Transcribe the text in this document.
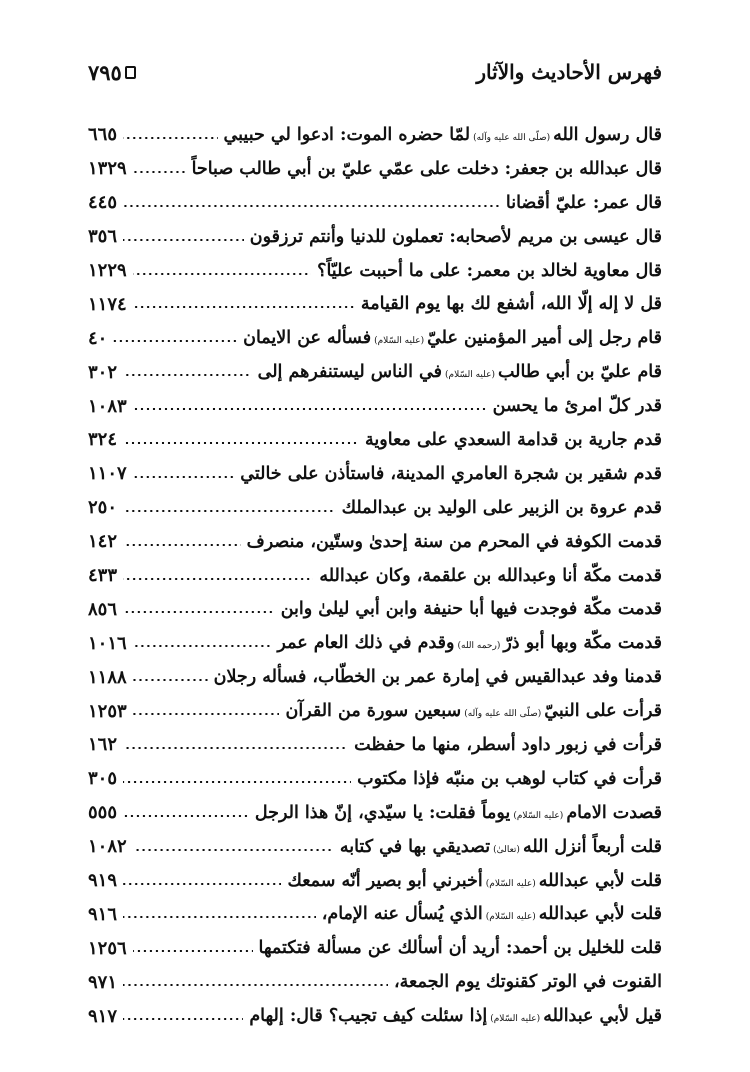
٧٩٥	فهرس الأحاديث والآثار
قال رسول الله(صلّى الله عليه وآله)لمّا حضره الموت: ادعوا لي حبيبي
٦٦٥
قال عبدالله بن جعفر: دخلت على عمّي عليّ بن أبي طالب صباحاً
١٣٢٩
قال عمر: عليّ أقضانا
٤٤٥
قال عيسى بن مريم لأصحابه: تعملون للدنيا وأنتم ترزقون
٣٥٦
قال معاوية لخالد بن معمر: على ما أحببت عليّاً؟
١٢٢٩
قل لا إله إلّا الله، أشفع لك بها يوم القيامة
١١٧٤
قام رجل إلى أمير المؤمنين عليّ(عليه السّلام)فسأله عن الايمان
٤٠
قام عليّ بن أبي طالب(عليه السّلام)في الناس ليستنفرهم إلى
٣٠٢
قدر كلّ امرئ ما يحسن
١٠٨٣
قدم جارية بن قدامة السعدي على معاوية
٣٢٤
قدم شقير بن شجرة العامري المدينة، فاستأذن على خالتي
١١٠٧
قدم عروة بن الزبير على الوليد بن عبدالملك
٢٥٠
قدمت الكوفة في المحرم من سنة إحدىٰ وستّين، منصرف
١٤٢
قدمت مكّة أنا وعبدالله بن علقمة، وكان عبدالله
٤٣٣
قدمت مكّة فوجدت فيها أبا حنيفة وابن أبي ليلىٰ وابن
٨٥٦
قدمت مكّة وبها أبو ذرّ(رحمه الله)وقدم في ذلك العام عمر
١٠١٦
قدمنا وفد عبدالقيس في إمارة عمر بن الخطّاب، فسأله رجلان
١١٨٨
قرأت على النبيّ(صلّى الله عليه وآله)سبعين سورة من القرآن
١٢٥٣
قرأت في زبور داود أسطر، منها ما حفظت
١٦٢
قرأت في كتاب لوهب بن منبّه فإذا مكتوب
٣٠٥
قصدت الامام(عليه السّلام)يوماً فقلت: يا سيّدي، إنّ هذا الرجل
٥٥٥
قلت أربعاً أنزل الله(تعالىٰ)تصديقي بها في كتابه
١٠٨٢
قلت لأبي عبدالله(عليه السّلام)أخبرني أبو بصير أنّه سمعك
٩١٩
قلت لأبي عبدالله(عليه السّلام)الذي يُسأل عنه الإمام،
٩١٦
قلت للخليل بن أحمد: أريد أن أسألك عن مسألة فتكتمها
١٢٥٦
القنوت في الوتر كقنوتك يوم الجمعة،
٩٧١
قيل لأبي عبدالله(عليه السّلام)إذا سئلت كيف تجيب؟ قال: إلهام
٩١٧
